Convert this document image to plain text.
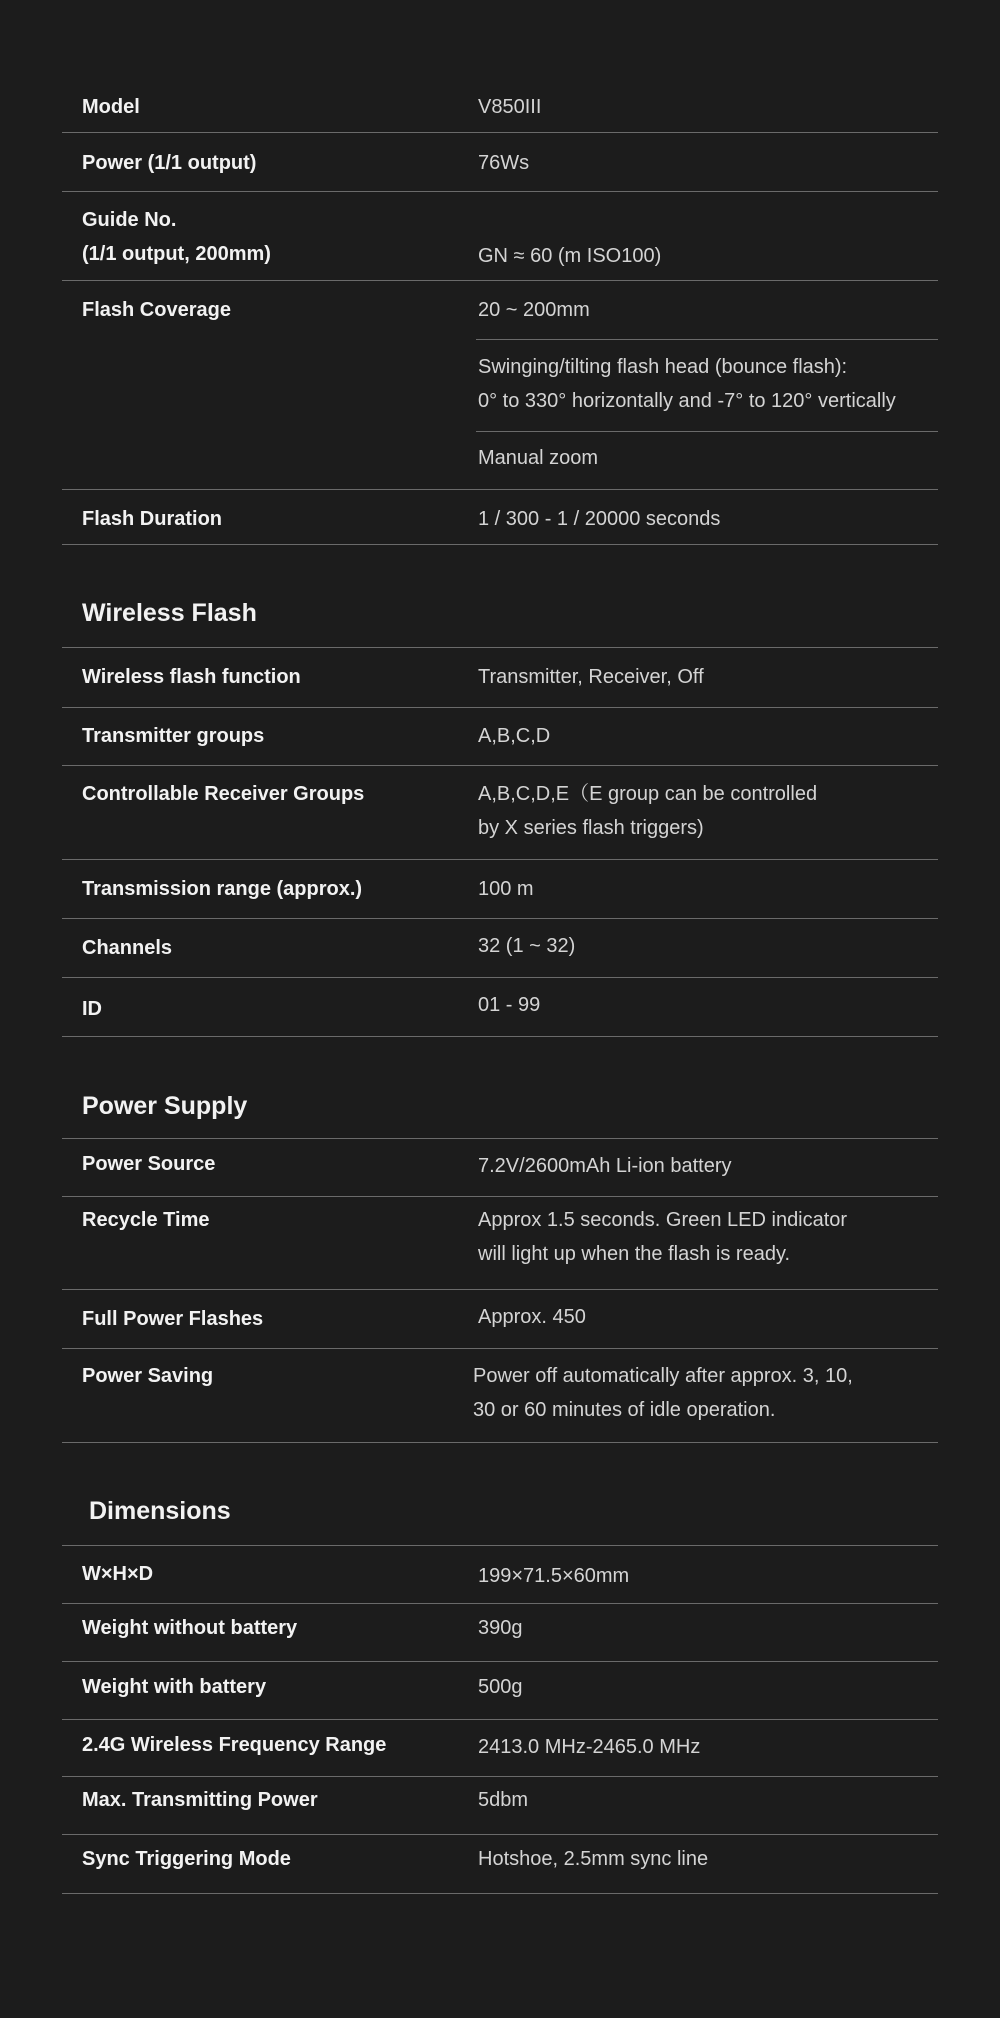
Model	V850III
Power (1/1 output)	76Ws
Guide No.
(1/1 output, 200mm)	GN ≈ 60 (m ISO100)
Flash Coverage	20 ~ 200mm
Swinging/tilting flash head (bounce flash):
0° to 330° horizontally and -7° to 120° vertically
Manual zoom
Flash Duration	1 / 300 - 1 / 20000 seconds
Wireless Flash
Wireless flash function	Transmitter, Receiver, Off
Transmitter groups	A,B,C,D
Controllable Receiver Groups	A,B,C,D,E（E group can be controlled
by X series flash triggers)
Transmission range (approx.)	100 m
Channels	32 (1 ~ 32)
ID	01 - 99
Power Supply
Power Source	7.2V/2600mAh Li-ion battery
Recycle Time	Approx 1.5 seconds. Green LED indicator
will light up when the flash is ready.
Full Power Flashes	Approx. 450
Power Saving	Power off automatically after approx. 3, 10,
30 or 60 minutes of idle operation.
Dimensions
W×H×D	199×71.5×60mm
Weight without battery	390g
Weight with battery	500g
2.4G Wireless Frequency Range	2413.0 MHz-2465.0 MHz
Max. Transmitting Power	5dbm
Sync Triggering Mode	Hotshoe, 2.5mm sync line
